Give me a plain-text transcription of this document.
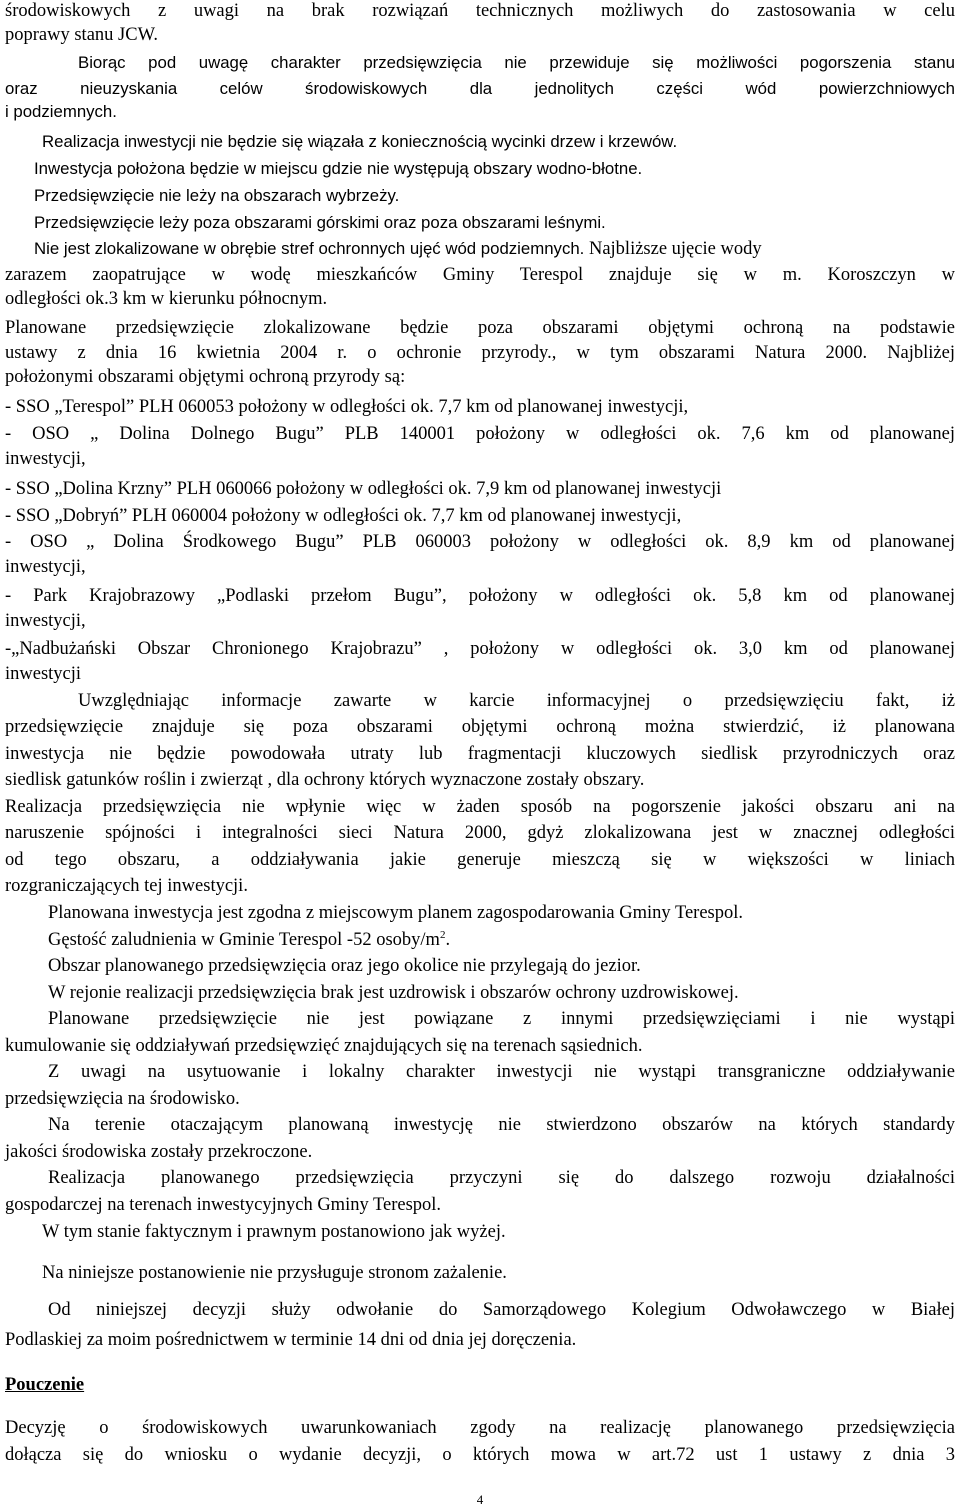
środowiskowych z uwagi na brak rozwiązań technicznych możliwych do zastosowania w celu
poprawy stanu JCW.
Biorąc pod uwagę charakter przedsięwzięcia nie przewiduje się możliwości pogorszenia stanu
oraz nieuzyskania celów środowiskowych dla jednolitych części wód powierzchniowych
i podziemnych.
Realizacja inwestycji nie będzie się wiązała z koniecznością wycinki drzew i krzewów.
Inwestycja położona będzie w miejscu gdzie nie występują obszary wodno-błotne.
Przedsięwzięcie nie leży na obszarach wybrzeży.
Przedsięwzięcie leży poza obszarami górskimi oraz poza obszarami leśnymi.
Nie jest zlokalizowane w obrębie stref ochronnych ujęć wód podziemnych. Najbliższe ujęcie wody
zarazem zaopatrujące w wodę mieszkańców Gminy Terespol znajduje się w m. Koroszczyn w
odległości ok.3 km w kierunku północnym.
Planowane przedsięwzięcie zlokalizowane będzie poza obszarami objętymi ochroną na podstawie
ustawy z dnia 16 kwietnia 2004 r. o ochronie przyrody., w tym obszarami Natura 2000. Najbliżej
położonymi obszarami objętymi ochroną przyrody są:
- SSO „Terespol” PLH 060053 położony w odległości ok. 7,7 km od planowanej inwestycji,
- OSO „ Dolina Dolnego Bugu” PLB 140001 położony w odległości ok. 7,6 km od planowanej
inwestycji,
- SSO „Dolina Krzny” PLH 060066 położony w odległości ok. 7,9 km od planowanej inwestycji
- SSO „Dobryń” PLH 060004 położony w odległości ok. 7,7 km od planowanej inwestycji,
- OSO „ Dolina Środkowego Bugu” PLB 060003 położony w odległości ok. 8,9 km od planowanej
inwestycji,
- Park Krajobrazowy „Podlaski przełom Bugu”, położony w odległości ok. 5,8 km od planowanej
inwestycji,
-„Nadbużański Obszar Chronionego Krajobrazu” , położony w odległości ok. 3,0 km od planowanej
inwestycji
Uwzględniając informacje zawarte w karcie informacyjnej o przedsięwzięciu fakt, iż
przedsięwzięcie znajduje się poza obszarami objętymi ochroną można stwierdzić, iż planowana
inwestycja nie będzie powodowała utraty lub fragmentacji kluczowych siedlisk przyrodniczych oraz
siedlisk gatunków roślin i zwierząt , dla ochrony których wyznaczone zostały obszary.
Realizacja przedsięwzięcia nie wpłynie więc w żaden sposób na pogorszenie jakości obszaru ani na
naruszenie spójności i integralności sieci Natura 2000, gdyż zlokalizowana jest w znacznej odległości
od tego obszaru, a oddziaływania jakie generuje mieszczą się w większości w liniach
rozgraniczających tej inwestycji.
Planowana inwestycja jest zgodna z miejscowym planem zagospodarowania Gminy Terespol.
Gęstość zaludnienia w Gminie Terespol -52 osoby/$m^2$.
Obszar planowanego przedsięwzięcia oraz jego okolice nie przylegają do jezior.
W rejonie realizacji przedsięwzięcia brak jest uzdrowisk i obszarów ochrony uzdrowiskowej.
Planowane przedsięwzięcie nie jest powiązane z innymi przedsięwzięciami i nie wystąpi
kumulowanie się oddziaływań przedsięwzięć znajdujących się na terenach sąsiednich.
Z uwagi na usytuowanie i lokalny charakter inwestycji nie wystąpi transgraniczne oddziaływanie
przedsięwzięcia na środowisko.
Na terenie otaczającym planowaną inwestycję nie stwierdzono obszarów na których standardy
jakości środowiska zostały przekroczone.
Realizacja planowanego przedsięwzięcia przyczyni się do dalszego rozwoju działalności
gospodarczej na terenach inwestycyjnych Gminy Terespol.
W tym stanie faktycznym i prawnym postanowiono jak wyżej.
Na niniejsze postanowienie nie przysługuje stronom zażalenie.
Od niniejszej decyzji służy odwołanie do Samorządowego Kolegium Odwoławczego w Białej
Podlaskiej za moim pośrednictwem w terminie 14 dni od dnia jej doręczenia.
Pouczenie
Decyzję o środowiskowych uwarunkowaniach zgody na realizację planowanego przedsięwzięcia
dołącza się do wniosku o wydanie decyzji, o których mowa w art.72 ust 1 ustawy z dnia 3
4
